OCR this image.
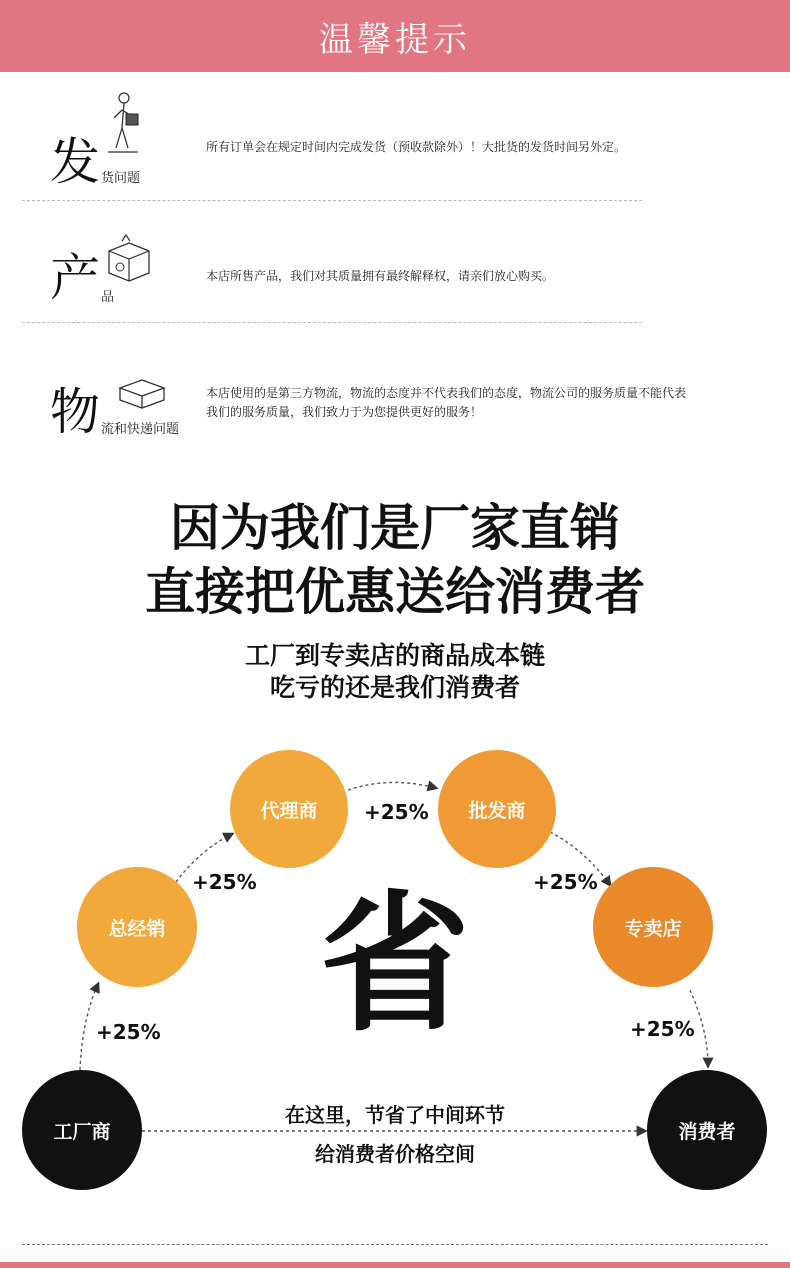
温馨提示
发 货问题
所有订单会在规定时间内完成发货（预收款除外）！大批货的发货时间另外定。
产 品
本店所售产品，我们对其质量拥有最终解释权，请亲们放心购买。
物 流和快递问题
本店使用的是第三方物流，物流的态度并不代表我们的态度，物流公司的服务质量不能代表
我们的服务质量，我们致力于为您提供更好的服务！
因为我们是厂家直销
直接把优惠送给消费者
工厂到专卖店的商品成本链
吃亏的还是我们消费者
代理商	批发商
总经销	专卖店
工厂商	消费者
+25%
+25%
+25%
+25%
+25%
省
在这里，节省了中间环节
给消费者价格空间
